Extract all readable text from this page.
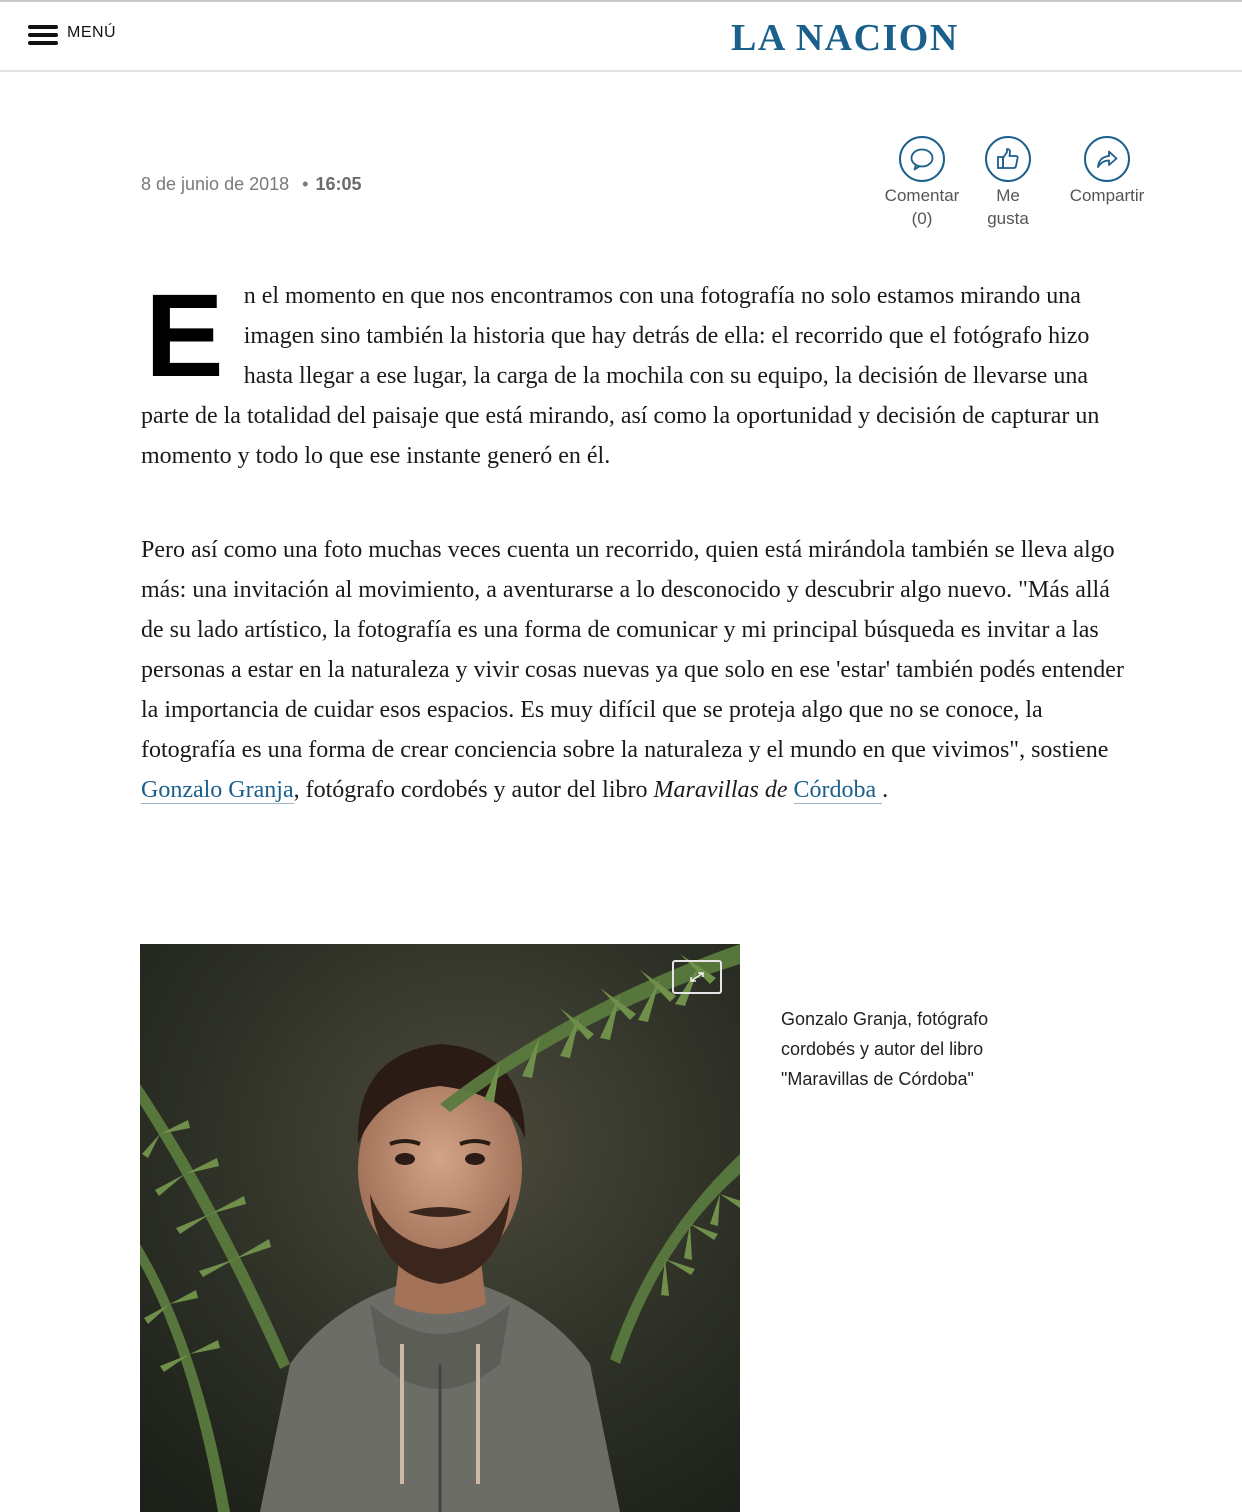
MENÚ	LA NACION
8 de junio de 2018 • 16:05
Comentar
(0)
Me
gusta
Compartir

En el momento en que nos encontramos con una fotografía no solo estamos mirando una imagen sino también la historia que hay detrás de ella: el recorrido que el fotógrafo hizo hasta llegar a ese lugar, la carga de la mochila con su equipo, la decisión de llevarse una parte de la totalidad del paisaje que está mirando, así como la oportunidad y decisión de capturar un momento y todo lo que ese instante generó en él.

Pero así como una foto muchas veces cuenta un recorrido, quien está mirándola también se lleva algo más: una invitación al movimiento, a aventurarse a lo desconocido y descubrir algo nuevo. "Más allá de su lado artístico, la fotografía es una forma de comunicar y mi principal búsqueda es invitar a las personas a estar en la naturaleza y vivir cosas nuevas ya que solo en ese 'estar' también podés entender la importancia de cuidar esos espacios. Es muy difícil que se proteja algo que no se conoce, la fotografía es una forma de crear conciencia sobre la naturaleza y el mundo en que vivimos", sostiene Gonzalo Granja, fotógrafo cordobés y autor del libro Maravillas de Córdoba .

Gonzalo Granja, fotógrafo cordobés y autor del libro "Maravillas de Córdoba"
